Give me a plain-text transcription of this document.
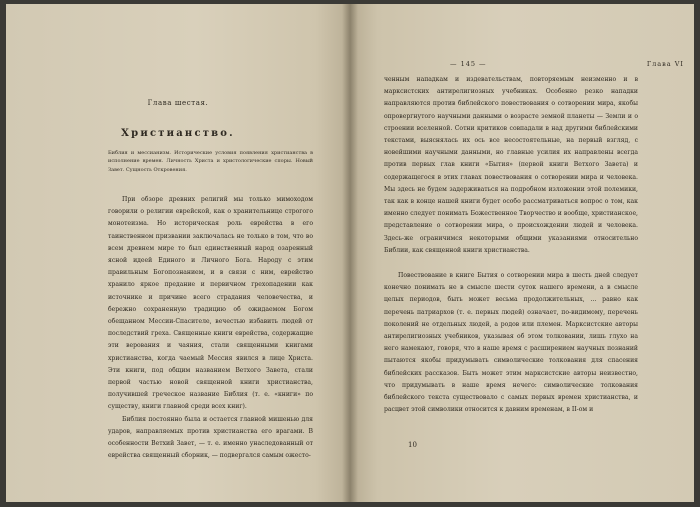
Глава шестая.
Христианство.
Библия и мессианизм. Исторические условия появления христианства в исполнение времен. Личность Христа и христологические споры. Новый Завет. Сущность Откровения.

При обзоре древних религий мы только мимоходом говорили о религии еврейской, как о хранительнице строгого монотеизма. Но историческая роль еврейства в его таинственном призвании заключалась не только в том, что во всем древнем мире то был единственный народ озаренный ясной идеей Единого и Личного Бога. Народу с этим правильным Богопознанием, и в связи с ним, еврейство хранило яркое предание и первичном грехопадении как источнике и причине всего страдания человечества, и бережно сохраненную традицию об ожидаемом Богом обещанном Мессии-Спасителе, вечестью избавить людей от последствий греха. Священные книги еврейства, содержащие эти верования и чаяния, стали священными книгами христианства, когда чаемый Мессия явился в лице Христа. Эти книги, под общим названием Ветхого Завета, стали первой частью новой священной книги христианства, получившей греческое название Библия (т. е. «книги» по существу, книги главной среди всех книг).

Библия постоянно была и остается главной мишенью для ударов, направляемых против христианства его врагами. В особенности Ветхий Завет, — т. е. именно унаследованный от еврейства священный сборник, — подвергался самым ожесто-

— 145 —	Глава VI

ченным нападкам и издевательствам, повторяемым неизменно и в марксистских антирелигиозных учебниках. Особенно резко нападки направляются против библейского повествования о сотворении мира, якобы опровергнутого научными данными о возрасте земной планеты — Земли и о строении вселенной. Сотни критиков совпадали в над другими библейскими текстами, выяснялась их ось все несостоятельные, на первый взгляд, с новейшими научными данными, но главные усилия их направлены всегда против первых глав книги «Бытия» (первой книги Ветхого Завета) и содержащегося в этих главах повествования о сотворении мира и человека. Мы здесь не будем задерживаться на подробном изложении этой полемики, так как в конце нашей книги будет особо рассматриваться вопрос о том, как именно следует понимать Божественное Творчество и вообще, христианское, представление о сотворении мира, о происхождении людей и человека. Здесь-же ограничимся некоторыми общими указаниями относительно Библии, как священной книги христианства.

Повествование в книге Бытия о сотворении мира в шесть дней следует конечно понимать не в смысле шести суток нашего времени, а в смысле целых периодов, быть может весьма продолжительных, ... равно как перечень патриархов (т. е. первых людей) означает, по-видимому, перечень поколений не отдельных людей, а родов или племен. Марксистские авторы антирелигиозных учебников, указывая об этом толковании, лишь глухо на него намекают, говоря, что в наше время с расширением научных познаний пытаются якобы придумывать символические толкования для спасения библейских рассказов. Быть может этим марксистские авторы неизвестно, что придумывать в наше время нечего: символические толкования библейского текста существовало с самых первых времен христианства, и расцвет этой символики относится к давним временам, в II-ом и

10
